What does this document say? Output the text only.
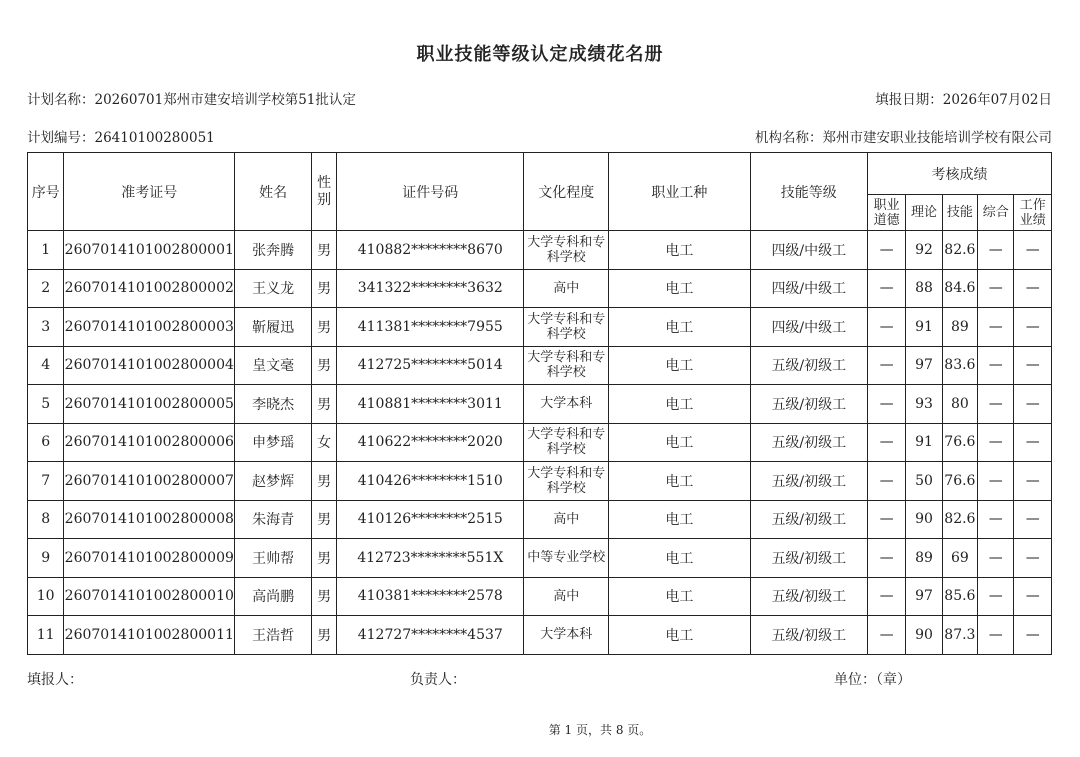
职业技能等级认定成绩花名册
计划名称：20260701郑州市建安培训学校第51批认定	填报日期：2026年07月02日
计划编号：26410100280051	机构名称：郑州市建安职业技能培训学校有限公司
序号	准考证号	姓名	性别	证件号码	文化程度	职业工种	技能等级	考核成绩				
								职业道德	理论	技能	综合	工作业绩
1	2607014101002800001	张奔腾	男	410882********8670	大学专科和专科学校	电工	四级/中级工	—	92	82.6	—	—
2	2607014101002800002	王义龙	男	341322********3632	高中	电工	四级/中级工	—	88	84.6	—	—
3	2607014101002800003	靳履迅	男	411381********7955	大学专科和专科学校	电工	四级/中级工	—	91	89	—	—
4	2607014101002800004	皇文毫	男	412725********5014	大学专科和专科学校	电工	五级/初级工	—	97	83.6	—	—
5	2607014101002800005	李晓杰	男	410881********3011	大学本科	电工	五级/初级工	—	93	80	—	—
6	2607014101002800006	申梦瑶	女	410622********2020	大学专科和专科学校	电工	五级/初级工	—	91	76.6	—	—
7	2607014101002800007	赵梦辉	男	410426********1510	大学专科和专科学校	电工	五级/初级工	—	50	76.6	—	—
8	2607014101002800008	朱海青	男	410126********2515	高中	电工	五级/初级工	—	90	82.6	—	—
9	2607014101002800009	王帅帮	男	412723********551X	中等专业学校	电工	五级/初级工	—	89	69	—	—
10	2607014101002800010	高尚鹏	男	410381********2578	高中	电工	五级/初级工	—	97	85.6	—	—
11	2607014101002800011	王浩哲	男	412727********4537	大学本科	电工	五级/初级工	—	90	87.3	—	—
填报人：	负责人：	单位：（章）
第 1 页，共 8 页。
